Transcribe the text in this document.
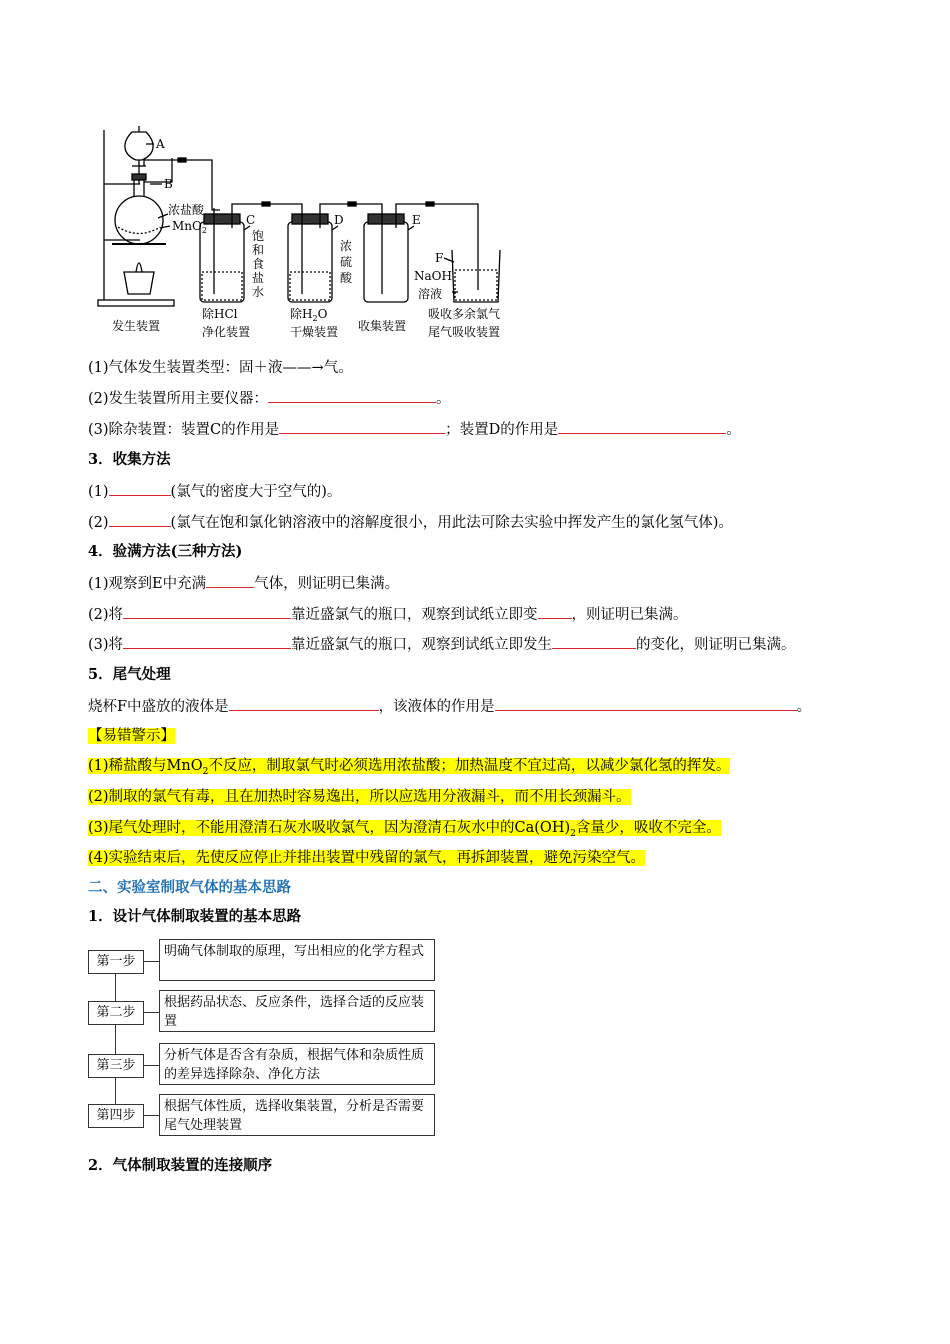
A
B
浓盐酸
MnO$_2$
C
饱
和
食
盐
水
D
浓
硫
酸
E
F
NaOH
溶液
发生装置
除HCl
净化装置
除$H_2O$
干燥装置 收集装置
吸收多余氯气
尾气吸收装置
(1)气体发生装置类型：固＋液——→气。
(2)发生装置所用主要仪器：	。
(3)除杂装置：装置C的作用是	；装置D的作用是	。
3．收集方法
(1)	(氯气的密度大于空气的)。
(2)	(氯气在饱和氯化钠溶液中的溶解度很小，用此法可除去实验中挥发产生的氯化氢气体)。
4．验满方法(三种方法)
(1)观察到E中充满	气体，则证明已集满。
(2)将	靠近盛氯气的瓶口，观察到试纸立即变 ，则证明已集满。
(3)将	靠近盛氯气的瓶口，观察到试纸立即发生	的变化，则证明已集满。
5．尾气处理
烧杯F中盛放的液体是	，该液体的作用是	。
【易错警示】
(1)稀盐酸与MnO$_2$不反应，制取氯气时必须选用浓盐酸；加热温度不宜过高，以减少氯化氢的挥发。
(2)制取的氯气有毒，且在加热时容易逸出，所以应选用分液漏斗，而不用长颈漏斗。
(3)尾气处理时，不能用澄清石灰水吸收氯气，因为澄清石灰水中的$Ca(OH)_2$含量少，吸收不完全。
(4)实验结束后，先使反应停止并排出装置中残留的氯气，再拆卸装置，避免污染空气。
二、实验室制取气体的基本思路
1．设计气体制取装置的基本思路
第一步
明确气体制取的原理，写出相应的化学方程式
第二步
根据药品状态、反应条件，选择合适的反应装置
第三步
分析气体是否含有杂质，根据气体和杂质性质的差异选择除杂、净化方法
第四步
根据气体性质，选择收集装置，分析是否需要尾气处理装置
2．气体制取装置的连接顺序
